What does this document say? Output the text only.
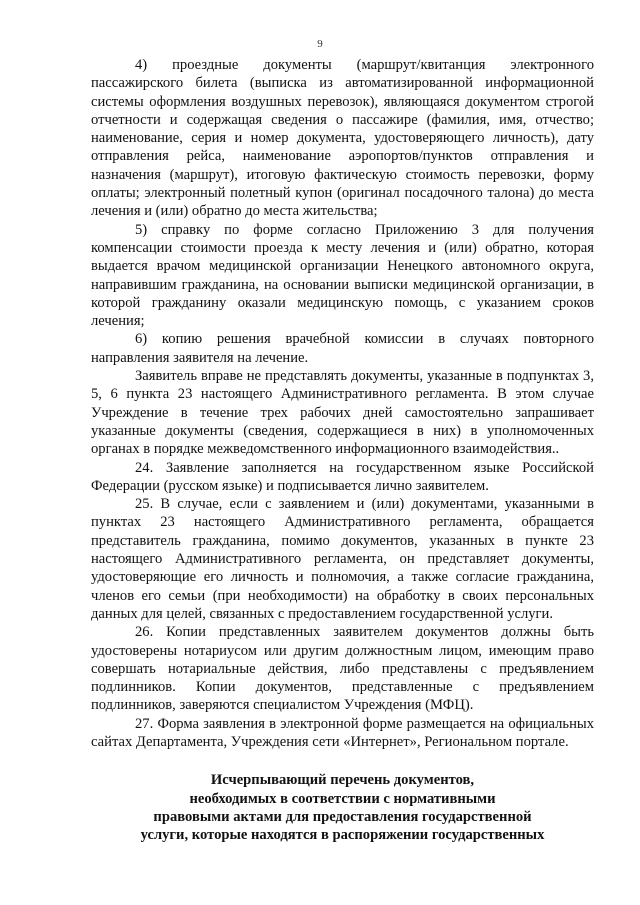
9

4) проездные документы (маршрут/квитанция электронного пассажирского билета (выписка из автоматизированной информационной системы оформления воздушных перевозок), являющаяся документом строгой отчетности и содержащая сведения о пассажире (фамилия, имя, отчество; наименование, серия и номер документа, удостоверяющего личность), дату отправления рейса, наименование аэропортов/пунктов отправления и назначения (маршрут), итоговую фактическую стоимость перевозки, форму оплаты; электронный полетный купон (оригинал посадочного талона) до места лечения и (или) обратно до места жительства;

5) справку по форме согласно Приложению 3 для получения компенсации стоимости проезда к месту лечения и (или) обратно, которая выдается врачом медицинской организации Ненецкого автономного округа, направившим гражданина, на основании выписки медицинской организации, в которой гражданину оказали медицинскую помощь, с указанием сроков лечения;

6) копию решения врачебной комиссии в случаях повторного направления заявителя на лечение.

Заявитель вправе не представлять документы, указанные в подпунктах 3, 5, 6 пункта 23 настоящего Административного регламента. В этом случае Учреждение в течение трех рабочих дней самостоятельно запрашивает указанные документы (сведения, содержащиеся в них) в уполномоченных органах в порядке межведомственного информационного взаимодействия..

24. Заявление заполняется на государственном языке Российской Федерации (русском языке) и подписывается лично заявителем.

25. В случае, если с заявлением и (или) документами, указанными в пунктах 23 настоящего Административного регламента, обращается представитель гражданина, помимо документов, указанных в пункте 23 настоящего Административного регламента, он представляет документы, удостоверяющие его личность и полномочия, а также согласие гражданина, членов его семьи (при необходимости) на обработку в своих персональных данных для целей, связанных с предоставлением государственной услуги.

26. Копии представленных заявителем документов должны быть удостоверены нотариусом или другим должностным лицом, имеющим право совершать нотариальные действия, либо представлены с предъявлением подлинников. Копии документов, представленные с предъявлением подлинников, заверяются специалистом Учреждения (МФЦ).

27. Форма заявления в электронной форме размещается на официальных сайтах Департамента, Учреждения сети «Интернет», Региональном портале.

Исчерпывающий перечень документов,
необходимых в соответствии с нормативными
правовыми актами для предоставления государственной
услуги, которые находятся в распоряжении государственных
